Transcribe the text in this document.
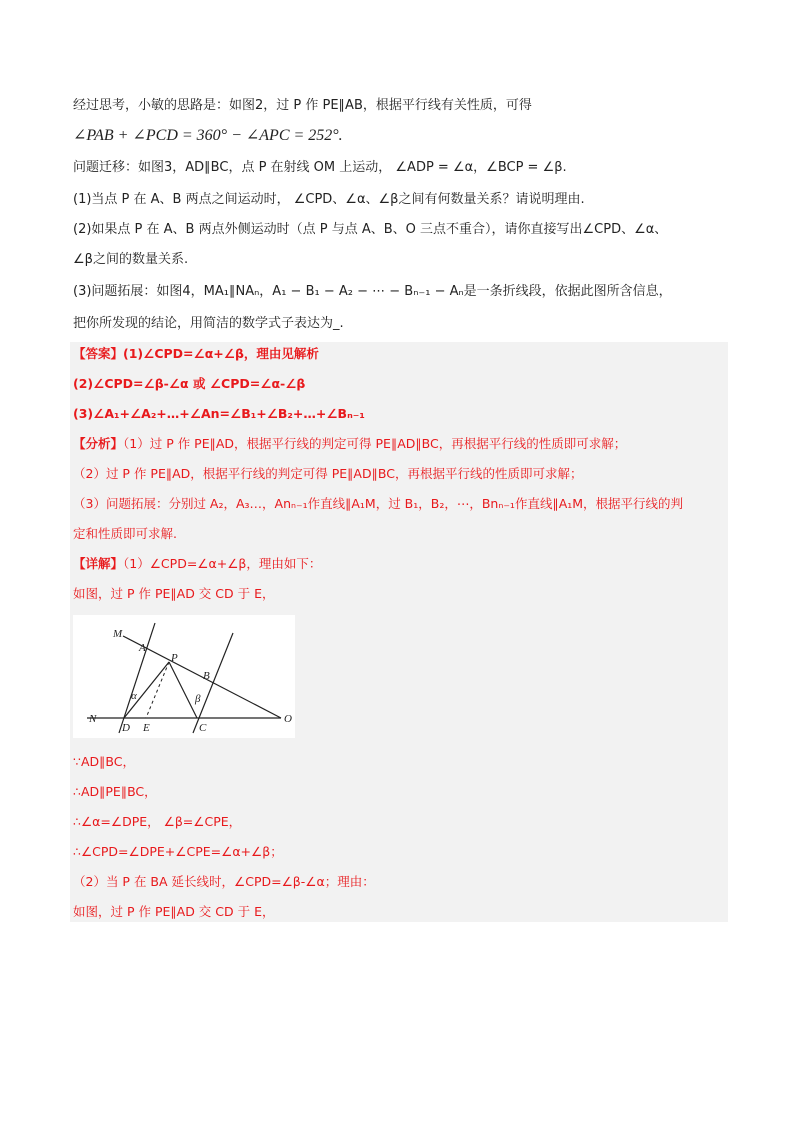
经过思考，小敏的思路是：如图2，过 P 作 PE∥AB，根据平行线有关性质，可得
∠PAB + ∠PCD = 360° − ∠APC = 252°.
问题迁移：如图3，AD∥BC，点 P 在射线 OM 上运动， ∠ADP = ∠α，∠BCP = ∠β.
(1)当点 P 在 A、B 两点之间运动时， ∠CPD、∠α、∠β之间有何数量关系？请说明理由.
(2)如果点 P 在 A、B 两点外侧运动时（点 P 与点 A、B、O 三点不重合），请你直接写出∠CPD、∠α、
∠β之间的数量关系.
(3)问题拓展：如图4，MA₁∥NAₙ，A₁ − B₁ − A₂ − ⋯ − Bₙ₋₁ − Aₙ是一条折线段，依据此图所含信息，
把你所发现的结论，用简洁的数学式子表达为_.
【答案】(1)∠CPD=∠α+∠β，理由见解析
(2)∠CPD=∠β-∠α 或 ∠CPD=∠α-∠β
(3)∠A₁+∠A₂+…+∠An=∠B₁+∠B₂+…+∠Bₙ₋₁
【分析】（1）过 P 作 PE∥AD，根据平行线的判定可得 PE∥AD∥BC，再根据平行线的性质即可求解；
（2）过 P 作 PE∥AD，根据平行线的判定可得 PE∥AD∥BC，再根据平行线的性质即可求解；
（3）问题拓展：分别过 A₂，A₃…，Anₙ₋₁作直线∥A₁M，过 B₁，B₂，⋯，Bnₙ₋₁作直线∥A₁M，根据平行线的判
定和性质即可求解.
【详解】（1）∠CPD=∠α+∠β，理由如下：
如图，过 P 作 PE∥AD 交 CD 于 E，
M
A
P
B
N
D E	C
O
α	β
∵AD∥BC，
∴AD∥PE∥BC，
∴∠α=∠DPE， ∠β=∠CPE，
∴∠CPD=∠DPE+∠CPE=∠α+∠β；
（2）当 P 在 BA 延长线时，∠CPD=∠β-∠α；理由：
如图，过 P 作 PE∥AD 交 CD 于 E，
